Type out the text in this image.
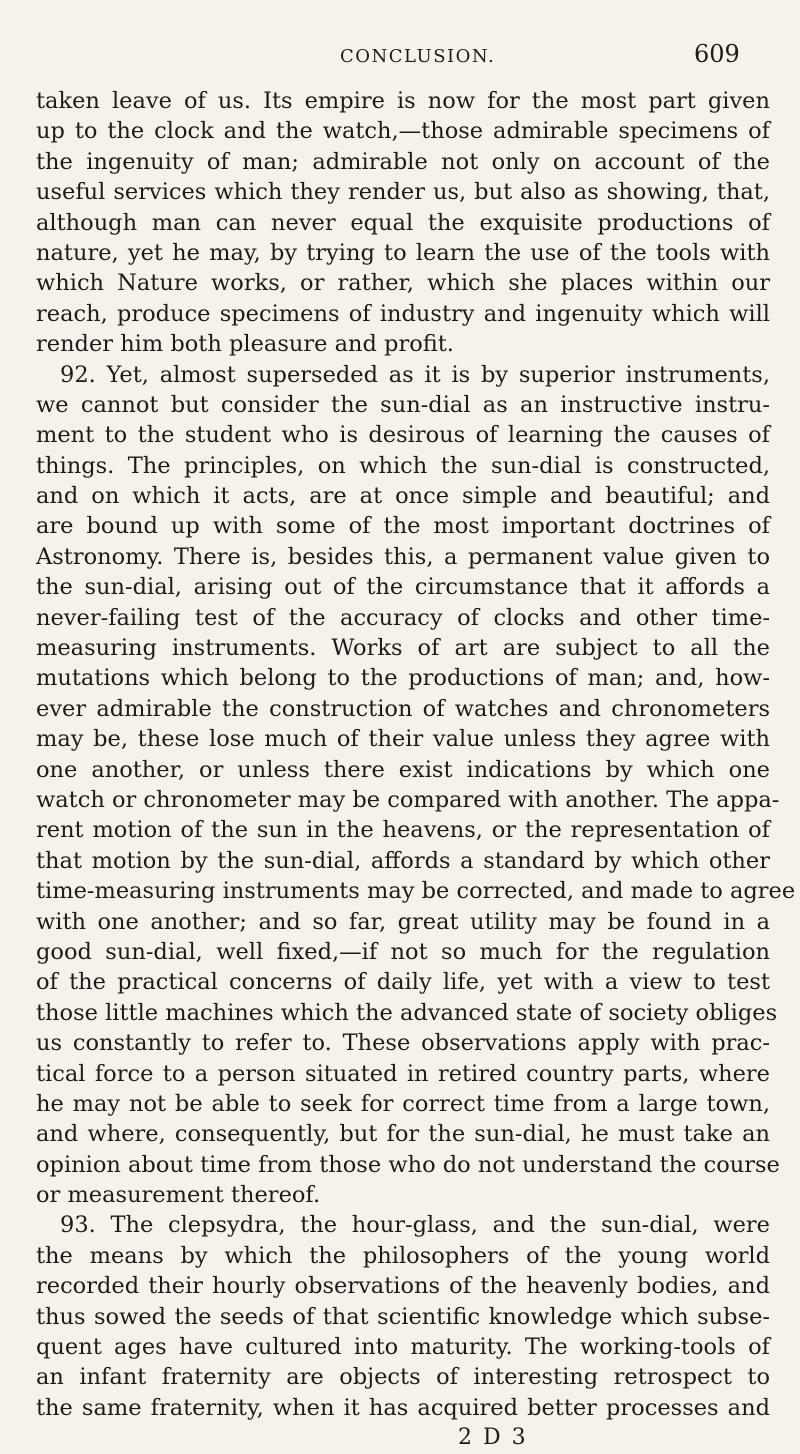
CONCLUSION.	609
taken leave of us. Its empire is now for the most part given
up to the clock and the watch,—those admirable specimens of
the ingenuity of man; admirable not only on account of the
useful services which they render us, but also as showing, that,
although man can never equal the exquisite productions of
nature, yet he may, by trying to learn the use of the tools with
which Nature works, or rather, which she places within our
reach, produce specimens of industry and ingenuity which will
render him both pleasure and profit.
92. Yet, almost superseded as it is by superior instruments,
we cannot but consider the sun-dial as an instructive instru-
ment to the student who is desirous of learning the causes of
things. The principles, on which the sun-dial is constructed,
and on which it acts, are at once simple and beautiful; and
are bound up with some of the most important doctrines of
Astronomy. There is, besides this, a permanent value given to
the sun-dial, arising out of the circumstance that it affords a
never-failing test of the accuracy of clocks and other time-
measuring instruments. Works of art are subject to all the
mutations which belong to the productions of man; and, how-
ever admirable the construction of watches and chronometers
may be, these lose much of their value unless they agree with
one another, or unless there exist indications by which one
watch or chronometer may be compared with another. The appa-
rent motion of the sun in the heavens, or the representation of
that motion by the sun-dial, affords a standard by which other
time-measuring instruments may be corrected, and made to agree
with one another; and so far, great utility may be found in a
good sun-dial, well fixed,—if not so much for the regulation
of the practical concerns of daily life, yet with a view to test
those little machines which the advanced state of society obliges
us constantly to refer to. These observations apply with prac-
tical force to a person situated in retired country parts, where
he may not be able to seek for correct time from a large town,
and where, consequently, but for the sun-dial, he must take an
opinion about time from those who do not understand the course
or measurement thereof.
93. The clepsydra, the hour-glass, and the sun-dial, were
the means by which the philosophers of the young world
recorded their hourly observations of the heavenly bodies, and
thus sowed the seeds of that scientific knowledge which subse-
quent ages have cultured into maturity. The working-tools of
an infant fraternity are objects of interesting retrospect to
the same fraternity, when it has acquired better processes and
2 D 3
